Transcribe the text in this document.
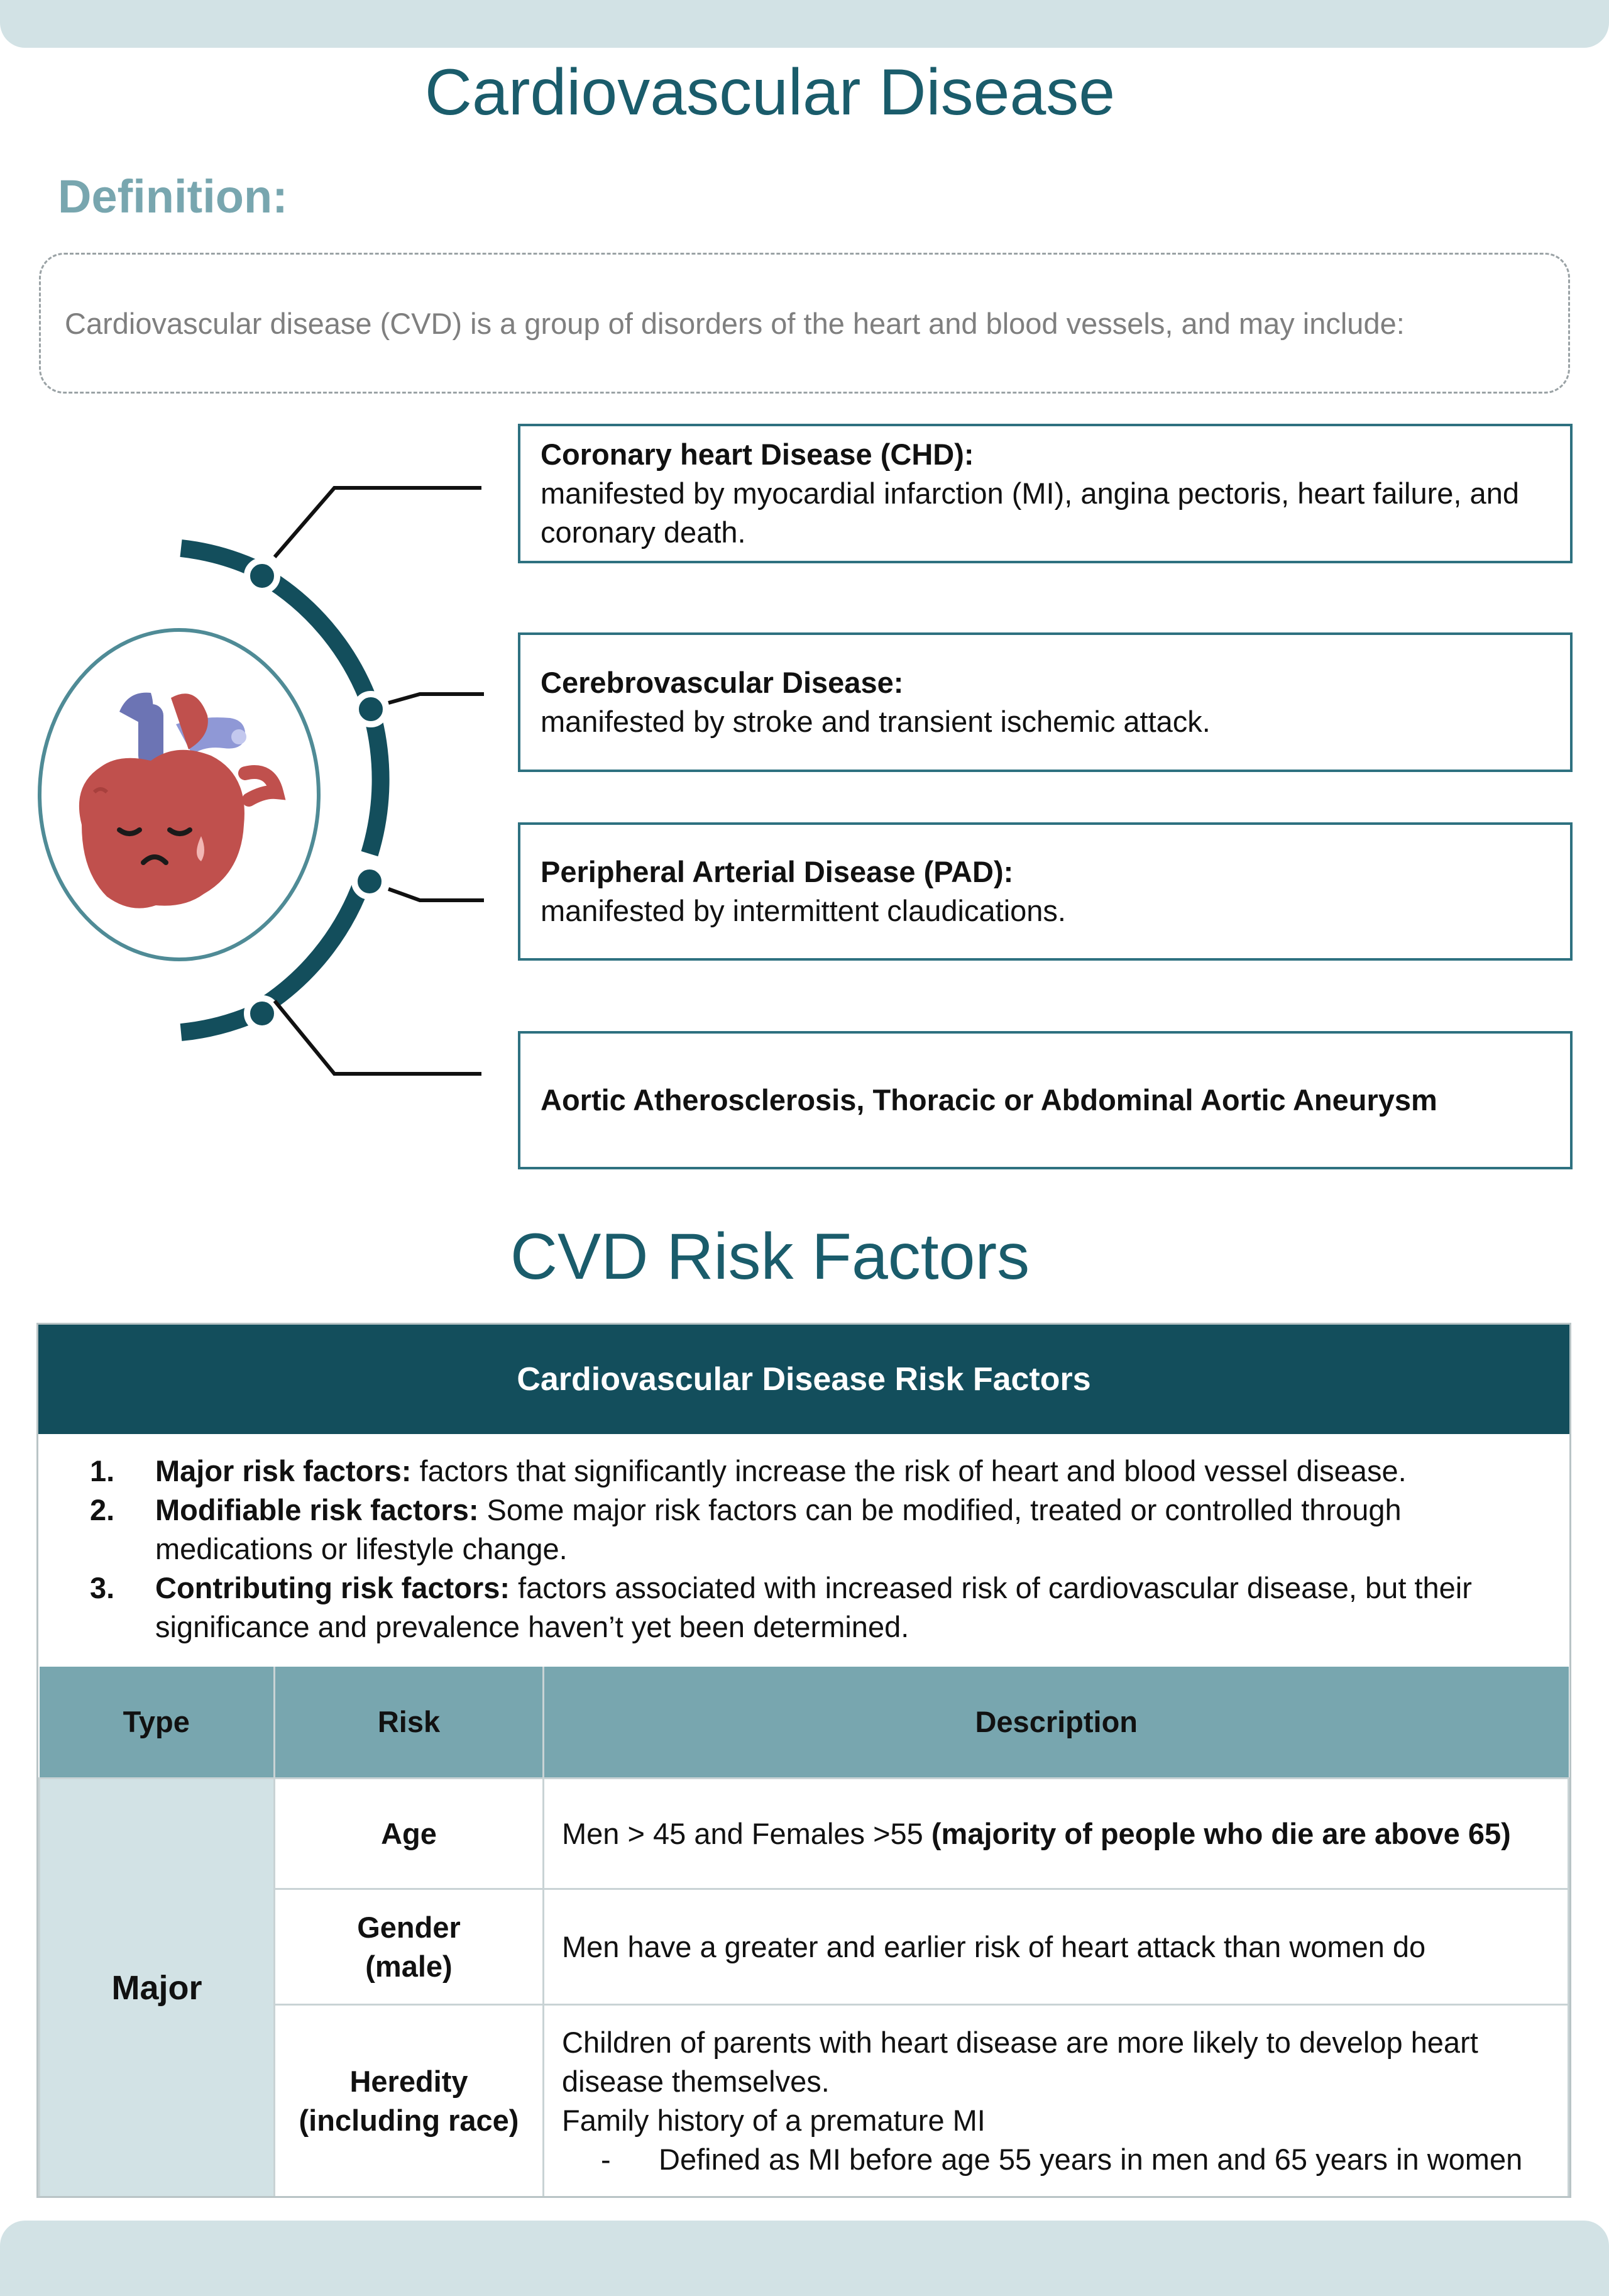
Cardiovascular Disease
Definition:
Cardiovascular disease (CVD) is a group of disorders of the heart and blood vessels, and may include:
Coronary heart Disease (CHD):
manifested by myocardial infarction (MI), angina pectoris, heart failure, and coronary death.
Cerebrovascular Disease:
manifested by stroke and transient ischemic attack.
Peripheral Arterial Disease (PAD):
manifested by intermittent claudications.
Aortic Atherosclerosis, Thoracic or Abdominal Aortic Aneurysm
CVD Risk Factors
Cardiovascular Disease Risk Factors
1. Major risk factors: factors that significantly increase the risk of heart and blood vessel disease.
2. Modifiable risk factors: Some major risk factors can be modified, treated or controlled through medications or lifestyle change.
3. Contributing risk factors: factors associated with increased risk of cardiovascular disease, but their significance and prevalence haven’t yet been determined.
Type	Risk	Description
Major	Age	Men > 45 and Females >55 (majority of people who die are above 65)
	Gender (male)	Men have a greater and earlier risk of heart attack than women do
	Heredity (including race)	Children of parents with heart disease are more likely to develop heart disease themselves.
Family history of a premature MI
- Defined as MI before age 55 years in men and 65 years in women
